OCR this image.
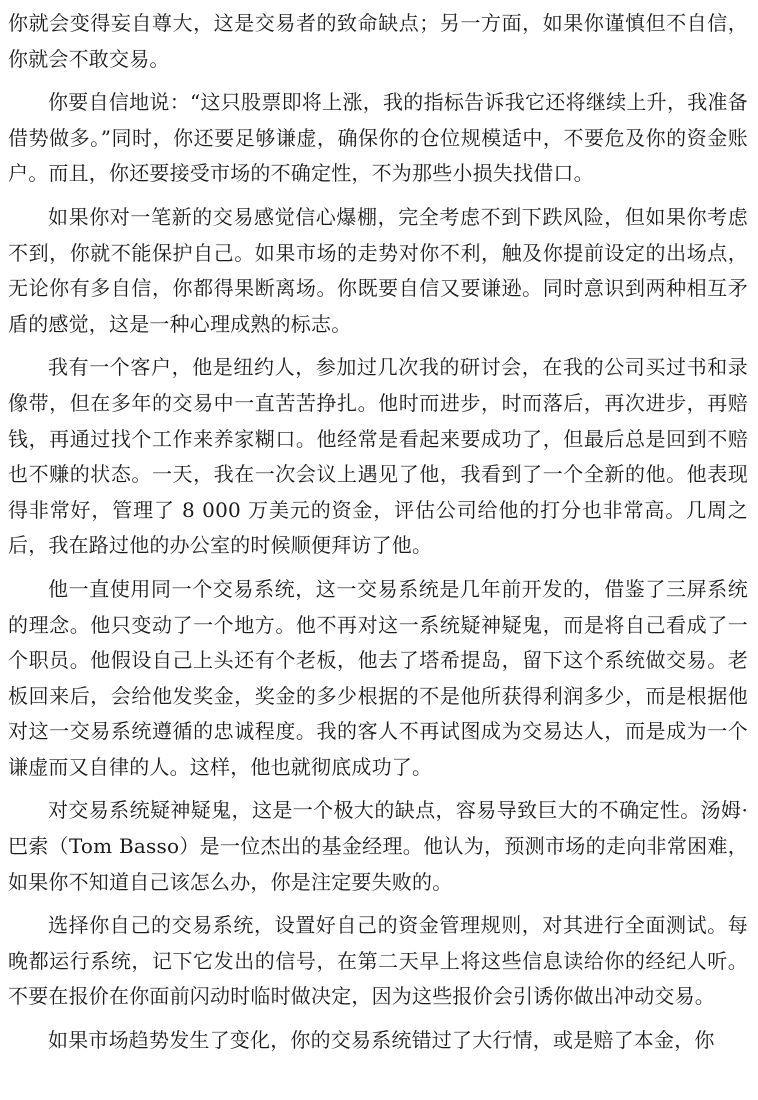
你就会变得妄自尊大，这是交易者的致命缺点；另一方面，如果你谨慎但不自信，你就会不敢交易。

你要自信地说：“这只股票即将上涨，我的指标告诉我它还将继续上升，我准备借势做多。”同时，你还要足够谦虚，确保你的仓位规模适中，不要危及你的资金账户。而且，你还要接受市场的不确定性，不为那些小损失找借口。

如果你对一笔新的交易感觉信心爆棚，完全考虑不到下跌风险，但如果你考虑不到，你就不能保护自己。如果市场的走势对你不利，触及你提前设定的出场点，无论你有多自信，你都得果断离场。你既要自信又要谦逊。同时意识到两种相互矛盾的感觉，这是一种心理成熟的标志。

我有一个客户，他是纽约人，参加过几次我的研讨会，在我的公司买过书和录像带，但在多年的交易中一直苦苦挣扎。他时而进步，时而落后，再次进步，再赔钱，再通过找个工作来养家糊口。他经常是看起来要成功了，但最后总是回到不赔也不赚的状态。一天，我在一次会议上遇见了他，我看到了一个全新的他。他表现得非常好，管理了 8 000 万美元的资金，评估公司给他的打分也非常高。几周之后，我在路过他的办公室的时候顺便拜访了他。

他一直使用同一个交易系统，这一交易系统是几年前开发的，借鉴了三屏系统的理念。他只变动了一个地方。他不再对这一系统疑神疑鬼，而是将自己看成了一个职员。他假设自己上头还有个老板，他去了塔希提岛，留下这个系统做交易。老板回来后，会给他发奖金，奖金的多少根据的不是他所获得利润多少，而是根据他对这一交易系统遵循的忠诚程度。我的客人不再试图成为交易达人，而是成为一个谦虚而又自律的人。这样，他也就彻底成功了。

对交易系统疑神疑鬼，这是一个极大的缺点，容易导致巨大的不确定性。汤姆·巴索（Tom Basso）是一位杰出的基金经理。他认为，预测市场的走向非常困难，如果你不知道自己该怎么办，你是注定要失败的。

选择你自己的交易系统，设置好自己的资金管理规则，对其进行全面测试。每晚都运行系统，记下它发出的信号，在第二天早上将这些信息读给你的经纪人听。不要在报价在你面前闪动时临时做决定，因为这些报价会引诱你做出冲动交易。

如果市场趋势发生了变化，你的交易系统错过了大行情，或是赔了本金，你
